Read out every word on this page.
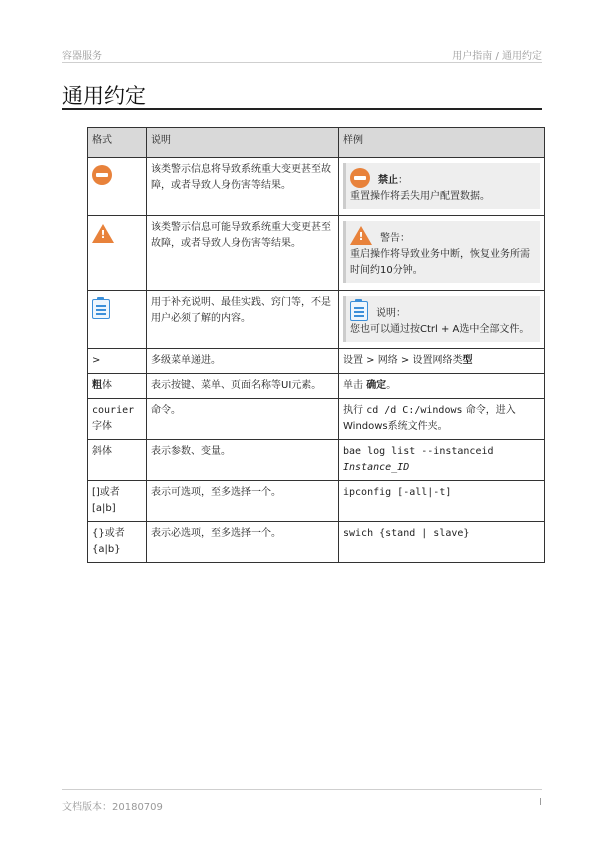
容器服务	用户指南 / 通用约定
通用约定
格式	说明	样例
	该类警示信息将导致系统重大变更甚至故障，或者导致人身伤害等结果。	禁止：
重置操作将丢失用户配置数据。

!	该类警示信息可能导致系统重大变更甚至故障，或者导致人身伤害等结果。	! 警告：
重启操作将导致业务中断，恢复业务所需时间约10分钟。

	用于补充说明、最佳实践、窍门等，不是用户必须了解的内容。	说明：
您也可以通过按Ctrl + A选中全部文件。

>	多级菜单递进。	设置 > 网络 > 设置网络类型
粗体	表示按键、菜单、页面名称等UI元素。	单击 确定。
courier
字体	命令。	执行 cd /d C:/windows 命令，进入Windows系统文件夹。
斜体	表示参数、变量。	bae log list --instanceid
Instance_ID
[]或者[a|b]	表示可选项，至多选择一个。	ipconfig [-all|-t]
{}或者{a|b}	表示必选项，至多选择一个。	swich {stand | slave}
文档版本：20180709	I
